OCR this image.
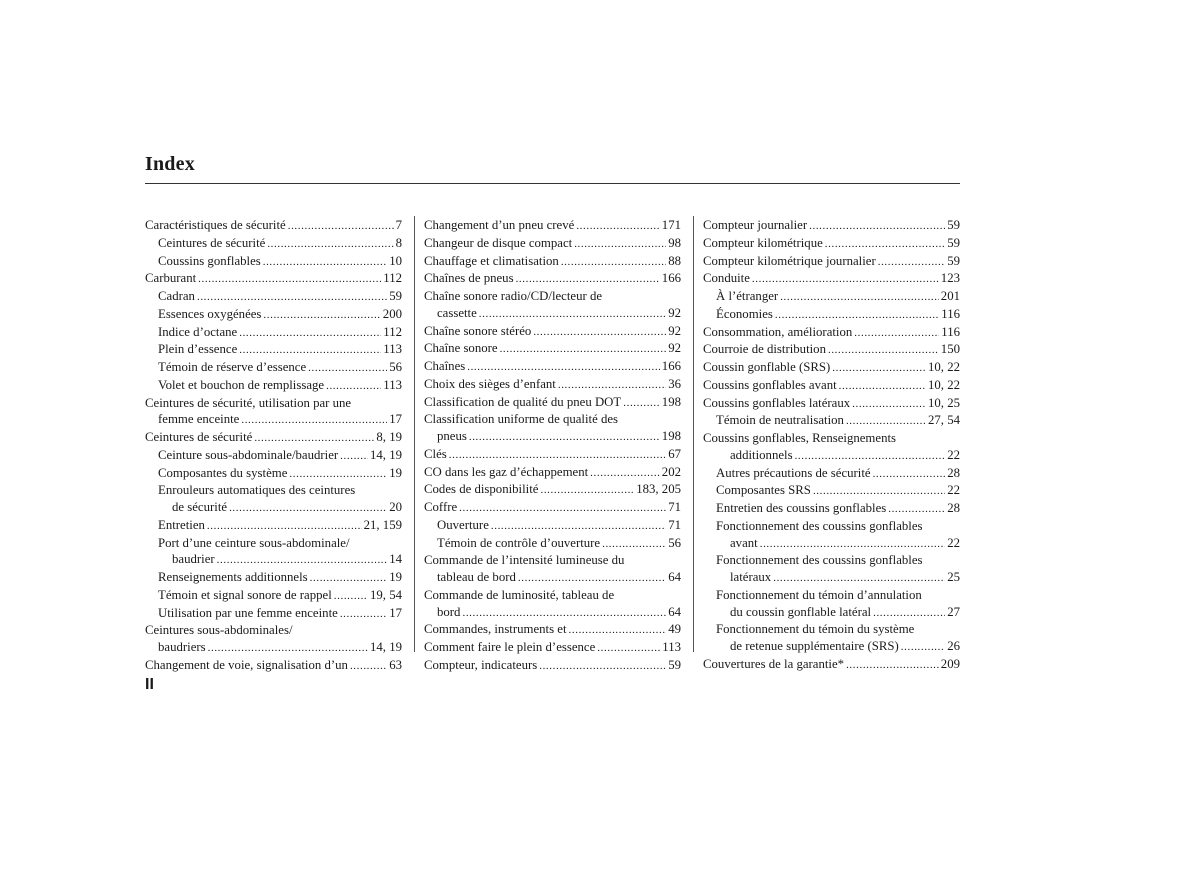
Index
Caractéristiques de sécurité .....	7
Ceintures de sécurité .....	8
Coussins gonflables .....	10
Carburant .....	112
Cadran .....	59
Essences oxygénées .....	200
Indice d’octane .....	112
Plein d’essence .....	113
Témoin de réserve d’essence .....	56
Volet et bouchon de remplissage .....	113
Ceintures de sécurité, utilisation par une
femme enceinte .....	17
Ceintures de sécurité .....	8, 19
Ceinture sous-abdominale/baudrier ..... 14, 19
Composantes du système .....	19
Enrouleurs automatiques des ceintures
de sécurité .....	20
Entretien .....	21, 159
Port d’une ceinture sous-abdominale/
baudrier .....	14
Renseignements additionnels .....	19
Témoin et signal sonore de rappel .....	19, 54
Utilisation par une femme enceinte .....	17
Ceintures sous-abdominales/
baudriers .....	14, 19
Changement de voie, signalisation d’un .....	63
Changement d’un pneu crevé .....	171
Changeur de disque compact .....	98
Chauffage et climatisation .....	88
Chaînes de pneus .....	166
Chaîne sonore radio/CD/lecteur de
cassette .....	92
Chaîne sonore stéréo .....	92
Chaîne sonore .....	92
Chaînes .....	166
Choix des sièges d’enfant .....	36
Classification de qualité du pneu DOT .....	198
Classification uniforme de qualité des
pneus .....	198
Clés .....	67
CO dans les gaz d’échappement .....	202
Codes de disponibilité .....	183, 205
Coffre .....	71
Ouverture .....	71
Témoin de contrôle d’ouverture .....	56
Commande de l’intensité lumineuse du
tableau de bord .....	64
Commande de luminosité, tableau de
bord .....	64
Commandes, instruments et .....	49
Comment faire le plein d’essence .....	113
Compteur, indicateurs .....	59
Compteur journalier .....	59
Compteur kilométrique .....	59
Compteur kilométrique journalier .....	59
Conduite .....	123
À l’étranger .....	201
Économies .....	116
Consommation, amélioration .....	116
Courroie de distribution .....	150
Coussin gonflable (SRS) .....	10, 22
Coussins gonflables avant .....	10, 22
Coussins gonflables latéraux .....	10, 25
Témoin de neutralisation .....	27, 54
Coussins gonflables, Renseignements
additionnels .....	22
Autres précautions de sécurité .....	28
Composantes SRS .....	22
Entretien des coussins gonflables .....	28
Fonctionnement des coussins gonflables
avant .....	22
Fonctionnement des coussins gonflables
latéraux .....	25
Fonctionnement du témoin d’annulation
du coussin gonflable latéral .....	27
Fonctionnement du témoin du système
de retenue supplémentaire (SRS) .....	26
Couvertures de la garantie* .....	209
II
